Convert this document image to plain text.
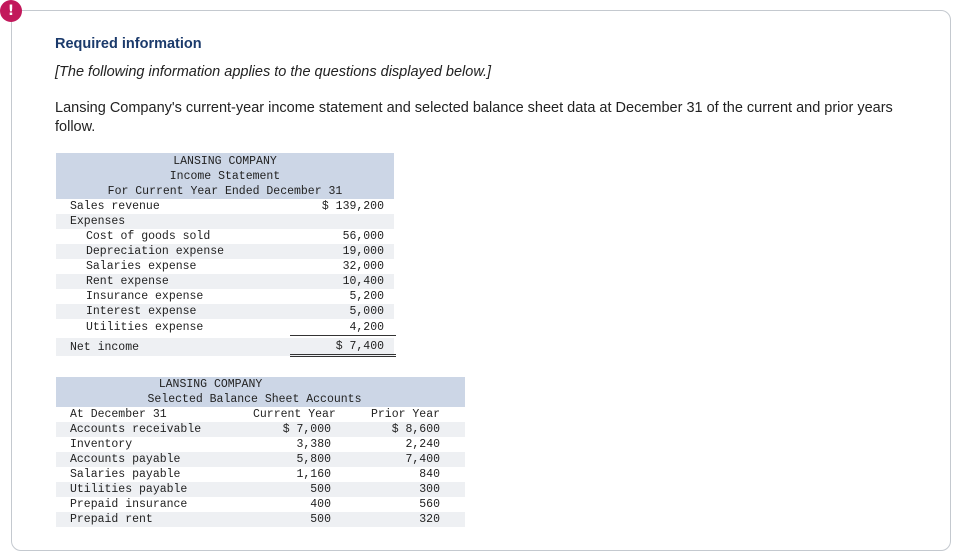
!
Required information
[The following information applies to the questions displayed below.]
Lansing Company's current-year income statement and selected balance sheet data at December 31 of the current and prior years follow.
LANSING COMPANY
Income Statement
For Current Year Ended December 31
Sales revenue	$ 139,200
Expenses
Cost of goods sold	56,000
Depreciation expense	19,000
Salaries expense	32,000
Rent expense	10,400
Insurance expense	5,200
Interest expense	5,000
Utilities expense	4,200
Net income	$ 7,400
LANSING COMPANY
Selected Balance Sheet Accounts
At December 31	Current Year	Prior Year
Accounts receivable	$ 7,000	$ 8,600
Inventory	3,380	2,240
Accounts payable	5,800	7,400
Salaries payable	1,160	840
Utilities payable	500	300
Prepaid insurance	400	560
Prepaid rent	500	320
